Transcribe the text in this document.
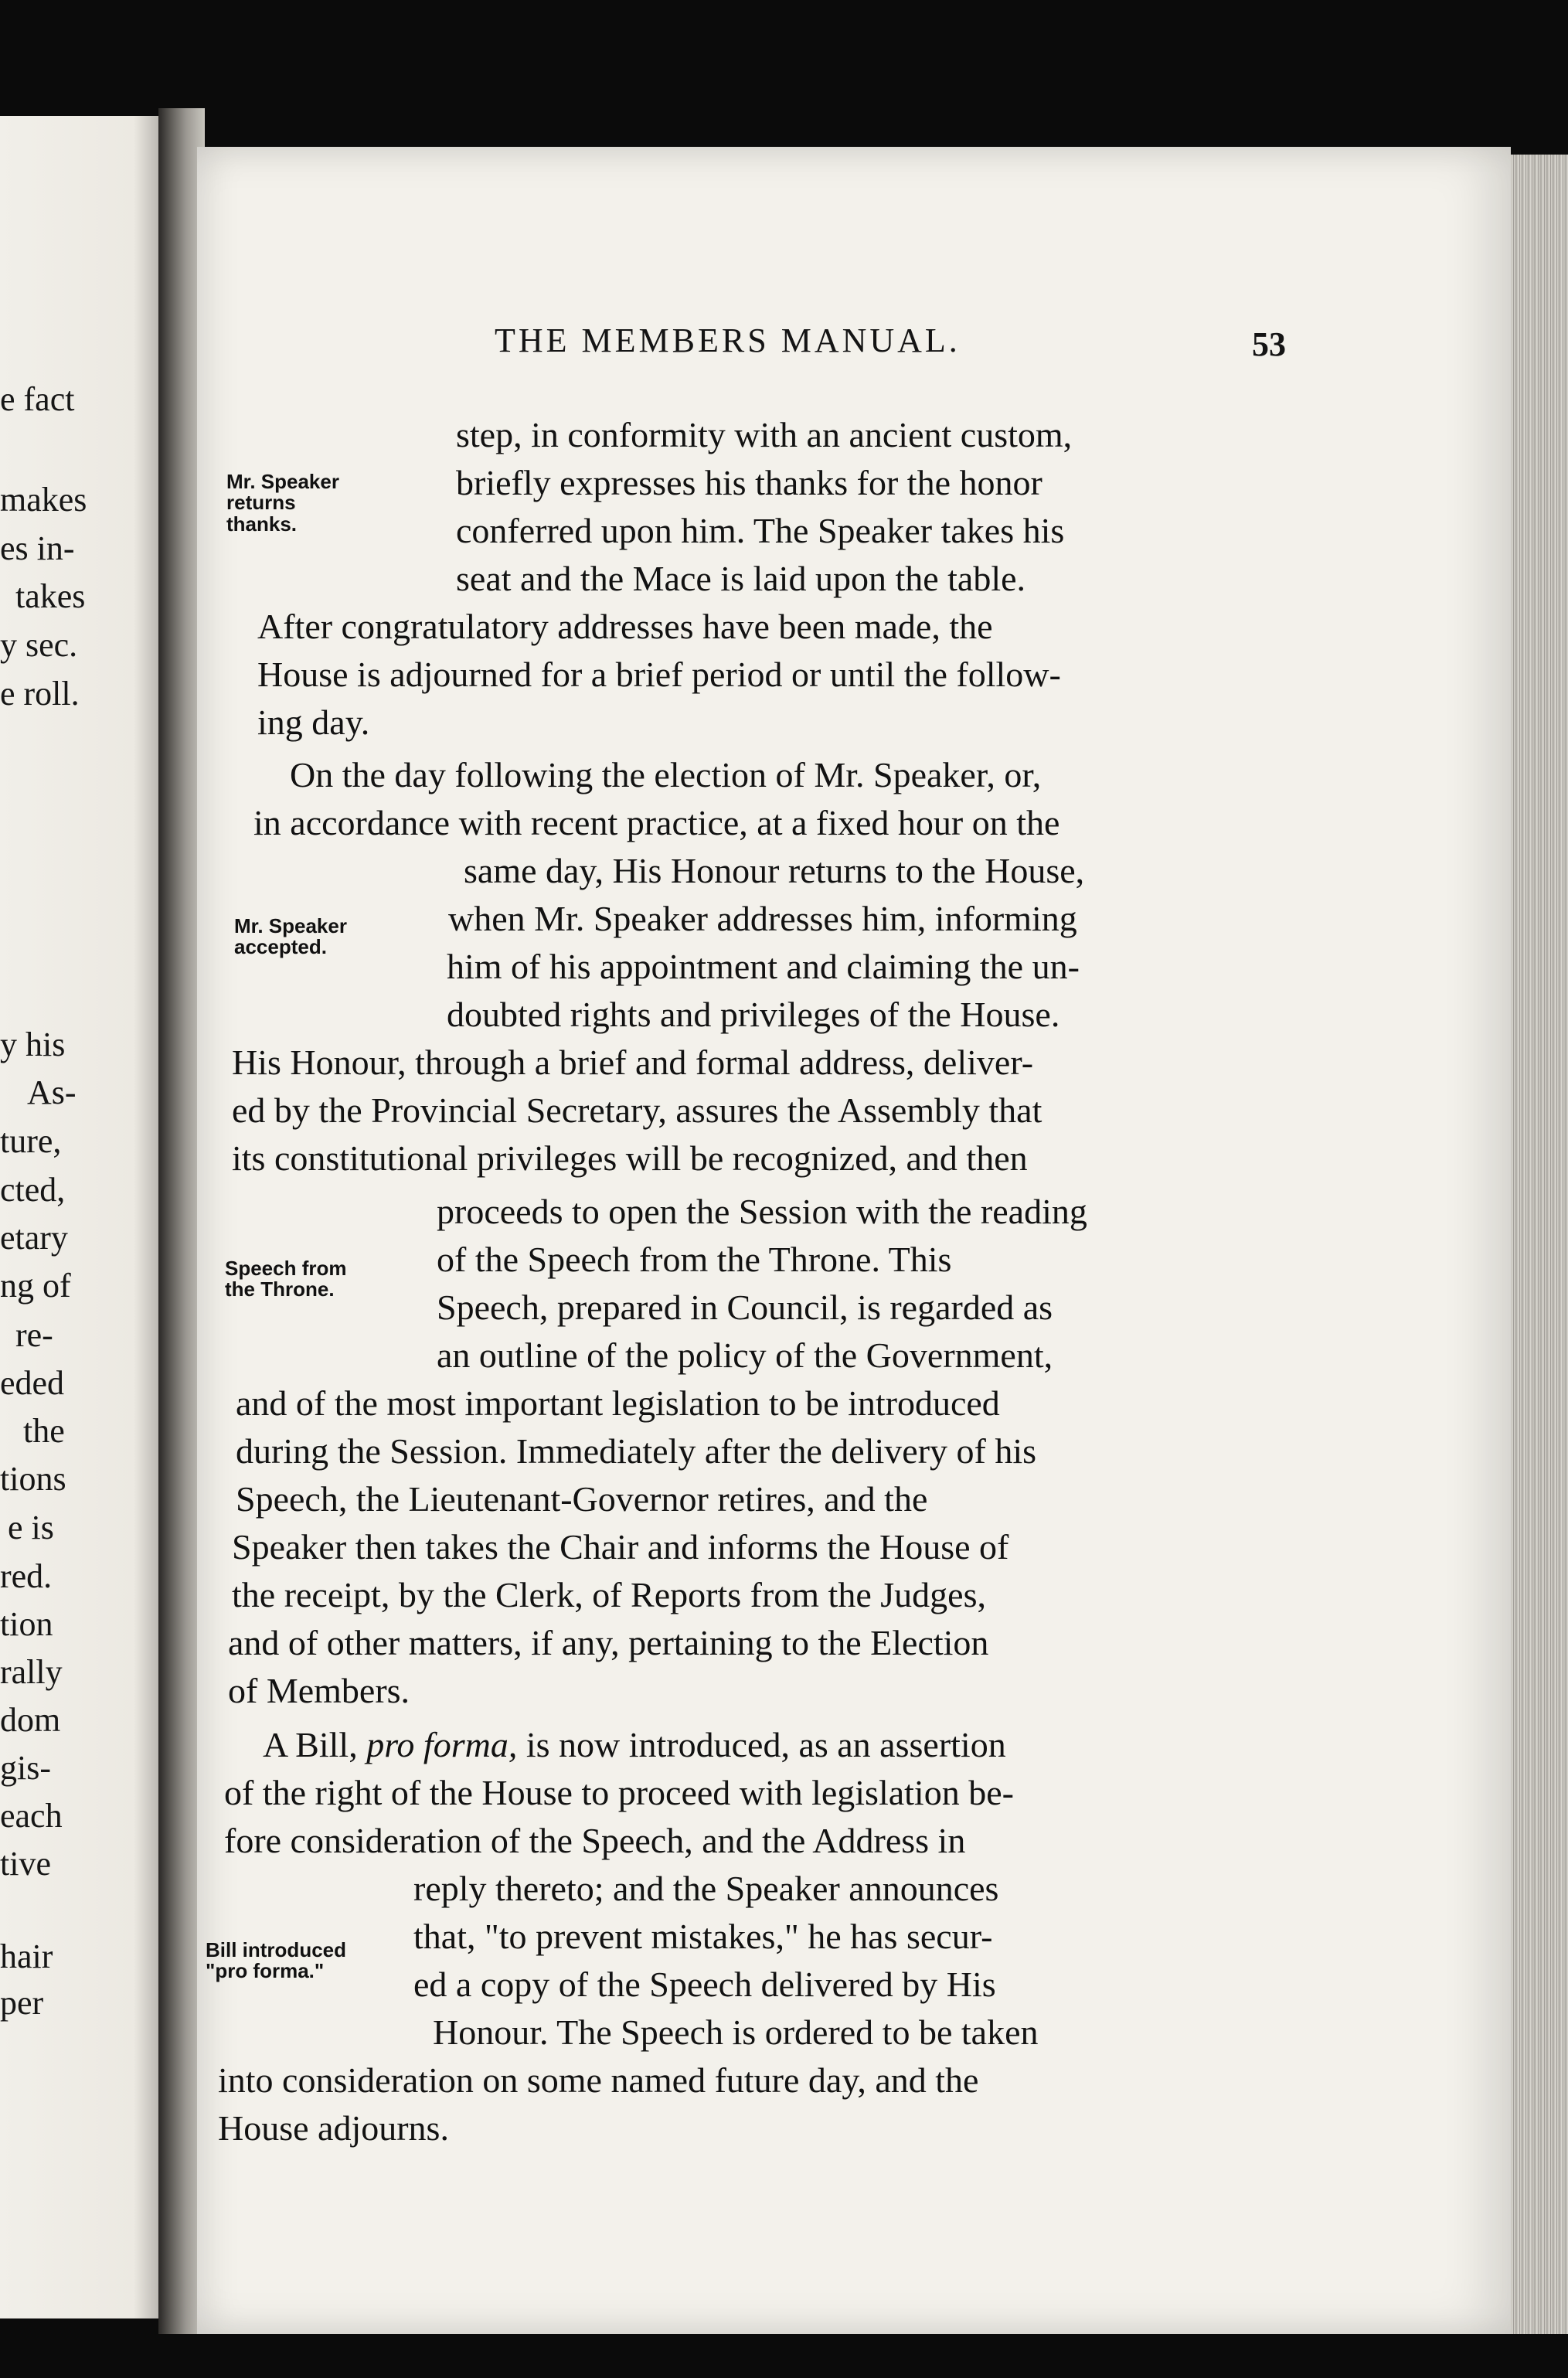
e fact
makes
es in-
takes
y sec.
e roll.
y his
As-
ture,
cted,
etary
ng of
re-
eded
the
tions
e is
red.
tion
rally
dom
gis-
each
tive
hair
per
THE MEMBERS MANUAL.	53
Mr. Speaker
returns
thanks.
Mr. Speaker
accepted.
Speech from
the Throne.
Bill introduced
"pro forma."
step, in conformity with an ancient custom,
briefly expresses his thanks for the honor
conferred upon him. The Speaker takes his
seat and the Mace is laid upon the table.
After congratulatory addresses have been made, the
House is adjourned for a brief period or until the follow-
ing day.
On the day following the election of Mr. Speaker, or,
in accordance with recent practice, at a fixed hour on the
same day, His Honour returns to the House,
when Mr. Speaker addresses him, informing
him of his appointment and claiming the un-
doubted rights and privileges of the House.
His Honour, through a brief and formal address, deliver-
ed by the Provincial Secretary, assures the Assembly that
its constitutional privileges will be recognized, and then
proceeds to open the Session with the reading
of the Speech from the Throne. This
Speech, prepared in Council, is regarded as
an outline of the policy of the Government,
and of the most important legislation to be introduced
during the Session. Immediately after the delivery of his
Speech, the Lieutenant-Governor retires, and the
Speaker then takes the Chair and informs the House of
the receipt, by the Clerk, of Reports from the Judges,
and of other matters, if any, pertaining to the Election
of Members.
A Bill, pro forma, is now introduced, as an assertion
of the right of the House to proceed with legislation be-
fore consideration of the Speech, and the Address in
reply thereto; and the Speaker announces
that, "to prevent mistakes," he has secur-
ed a copy of the Speech delivered by His
Honour. The Speech is ordered to be taken
into consideration on some named future day, and the
House adjourns.
